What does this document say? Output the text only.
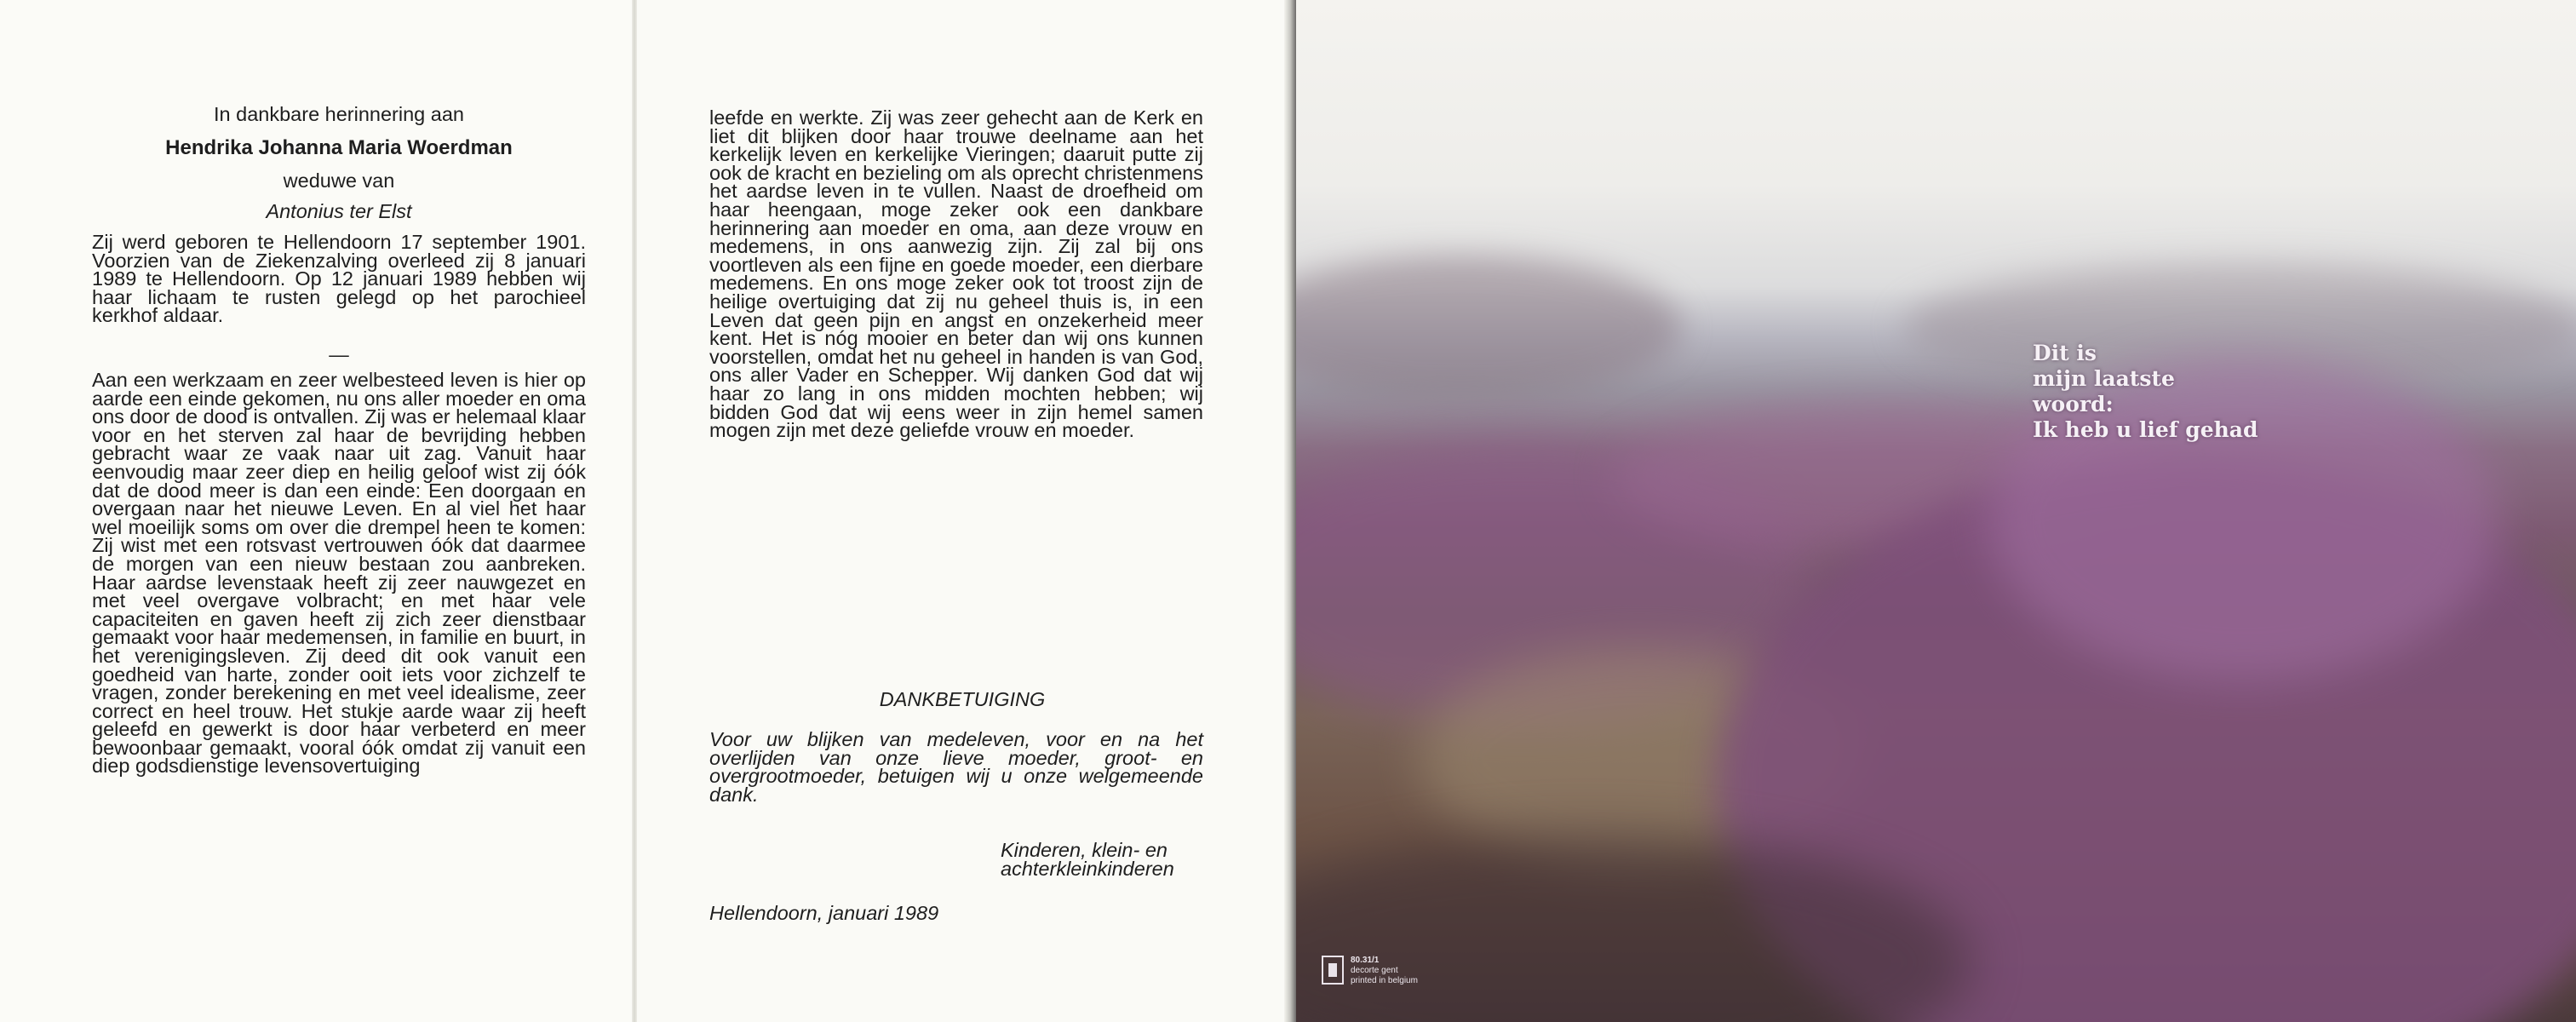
In dankbare herinnering aan
Hendrika Johanna Maria Woerdman
weduwe van
Antonius ter Elst
Zij werd geboren te Hellendoorn 17 september 1901. Voorzien van de Ziekenzalving overleed zij 8 januari 1989 te Hellendoorn. Op 12 januari 1989 hebben wij haar lichaam te rusten gelegd op het parochieel kerkhof aldaar.
—
Aan een werkzaam en zeer welbesteed leven is hier op aarde een einde gekomen, nu ons aller moeder en oma ons door de dood is ontvallen. Zij was er helemaal klaar voor en het sterven zal haar de bevrijding hebben gebracht waar ze vaak naar uit zag. Vanuit haar eenvoudig maar zeer diep en heilig geloof wist zij óók dat de dood meer is dan een einde: Een doorgaan en overgaan naar het nieuwe Leven. En al viel het haar wel moeilijk soms om over die drempel heen te komen: Zij wist met een rotsvast vertrouwen óók dat daarmee de morgen van een nieuw bestaan zou aanbreken. Haar aardse levenstaak heeft zij zeer nauwgezet en met veel overgave volbracht; en met haar vele capaciteiten en gaven heeft zij zich zeer dienstbaar gemaakt voor haar medemensen, in familie en buurt, in het verenigingsleven. Zij deed dit ook vanuit een goedheid van harte, zonder ooit iets voor zichzelf te vragen, zonder berekening en met veel idealisme, zeer correct en heel trouw. Het stukje aarde waar zij heeft geleefd en gewerkt is door haar verbeterd en meer bewoonbaar gemaakt, vooral óók omdat zij vanuit een diep godsdienstige levensovertuiging
leefde en werkte. Zij was zeer gehecht aan de Kerk en liet dit blijken door haar trouwe deelname aan het kerkelijk leven en kerkelijke Vieringen; daaruit putte zij ook de kracht en bezieling om als oprecht christenmens het aardse leven in te vullen. Naast de droefheid om haar heengaan, moge zeker ook een dankbare herinnering aan moeder en oma, aan deze vrouw en medemens, in ons aanwezig zijn. Zij zal bij ons voortleven als een fijne en goede moeder, een dierbare medemens. En ons moge zeker ook tot troost zijn de heilige overtuiging dat zij nu geheel thuis is, in een Leven dat geen pijn en angst en onzekerheid meer kent. Het is nóg mooier en beter dan wij ons kunnen voorstellen, omdat het nu geheel in handen is van God, ons aller Vader en Schepper. Wij danken God dat wij haar zo lang in ons midden mochten hebben; wij bidden God dat wij eens weer in zijn hemel samen mogen zijn met deze geliefde vrouw en moeder.
DANKBETUIGING
Voor uw blijken van medeleven, voor en na het overlijden van onze lieve moeder, groot- en overgrootmoeder, betuigen wij u onze welgemeende dank.
Kinderen, klein- en
achterkleinkinderen
Hellendoorn, januari 1989
Dit is
mijn laatste
woord:
Ik heb u lief gehad
80.31/1
decorte gent
printed in belgium
